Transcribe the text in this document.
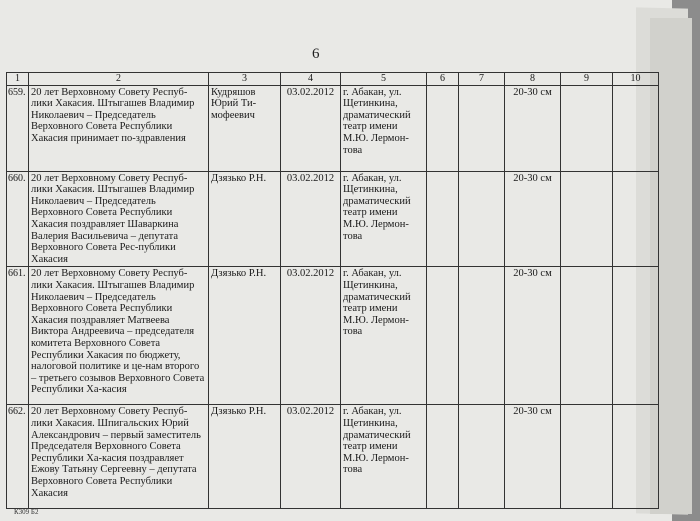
6
1	2	3	4	5	6	7	8	9	10
659.	20 лет Верховному Совету Респуб-лики Хакасия. Штыгашев Владимир Николаевич – Председатель Верховного Совета Республики Хакасия принимает по-здравления	Кудряшов Юрий Ти-мофеевич	03.02.2012	г. Абакан, ул. Щетинкина, драматический театр имени М.Ю. Лермон-това			20-30 см		
660.	20 лет Верховному Совету Респуб-лики Хакасия. Штыгашев Владимир Николаевич – Председатель Верховного Совета Республики Хакасия поздравляет Шаваркина Валерия Васильевича – депутата Верховного Совета Рес-публики Хакасия	Дзязько Р.Н.	03.02.2012	г. Абакан, ул. Щетинкина, драматический театр имени М.Ю. Лермон-това			20-30 см		
661.	20 лет Верховному Совету Респуб-лики Хакасия. Штыгашев Владимир Николаевич – Председатель Верховного Совета Республики Хакасия поздравляет Матвеева Виктора Андреевича – председателя комитета Верховного Совета Республики Хакасия по бюджету, налоговой политике и це-нам второго – третьего созывов Верховного Совета Республики Ха-касия	Дзязько Р.Н.	03.02.2012	г. Абакан, ул. Щетинкина, драматический театр имени М.Ю. Лермон-това			20-30 см		
662.	20 лет Верховному Совету Респуб-лики Хакасия. Шпигальских Юрий Александрович – первый заместитель Председателя Верховного Совета Республики Ха-касия поздравляет Ежову Татьяну Сергеевну – депутата Верховного Совета Республики Хакасия	Дзязько Р.Н.	03.02.2012	г. Абакан, ул. Щетинкина, драматический театр имени М.Ю. Лермон-това			20-30 см		
К309 Б2
